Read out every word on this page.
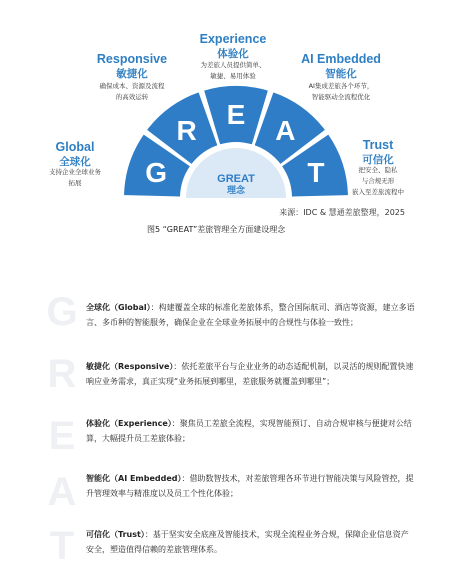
G
R
E
A
T
GREAT
理念
Global
全球化
支持企业全球业务
拓展
Responsive
敏捷化
确保成本、资源及流程
的高效运转
Experience
体验化
为差旅人员提供简单、
敏捷、易用体验
AI Embedded
智能化
AI集成差旅各个环节，
智能驱动全流程优化
Trust
可信化
把安全、隐私
与合规无形
嵌入至差旅流程中
来源：IDC & 慧通差旅整理，2025
图5 “GREAT”差旅管理全方面建设理念
G
R
E
A
T
全球化（Global）：构建覆盖全球的标准化差旅体系，整合国际航司、酒店等资源，建立多语言、多币种的智能服务，确保企业在全球业务拓展中的合规性与体验一致性；
敏捷化（Responsive）：依托差旅平台与企业业务的动态适配机制，以灵活的规则配置快速响应业务需求，真正实现“业务拓展到哪里，差旅服务就覆盖到哪里”；
体验化（Experience）：聚焦员工差旅全流程，实现智能预订、自动合规审核与便捷对公结算，大幅提升员工差旅体验；
智能化（AI Embedded）：借助数智技术，对差旅管理各环节进行智能决策与风险管控，提升管理效率与精准度以及员工个性化体验；
可信化（Trust）：基于坚实安全底座及智能技术，实现全流程业务合规，保障企业信息资产安全，塑造值得信赖的差旅管理体系。
